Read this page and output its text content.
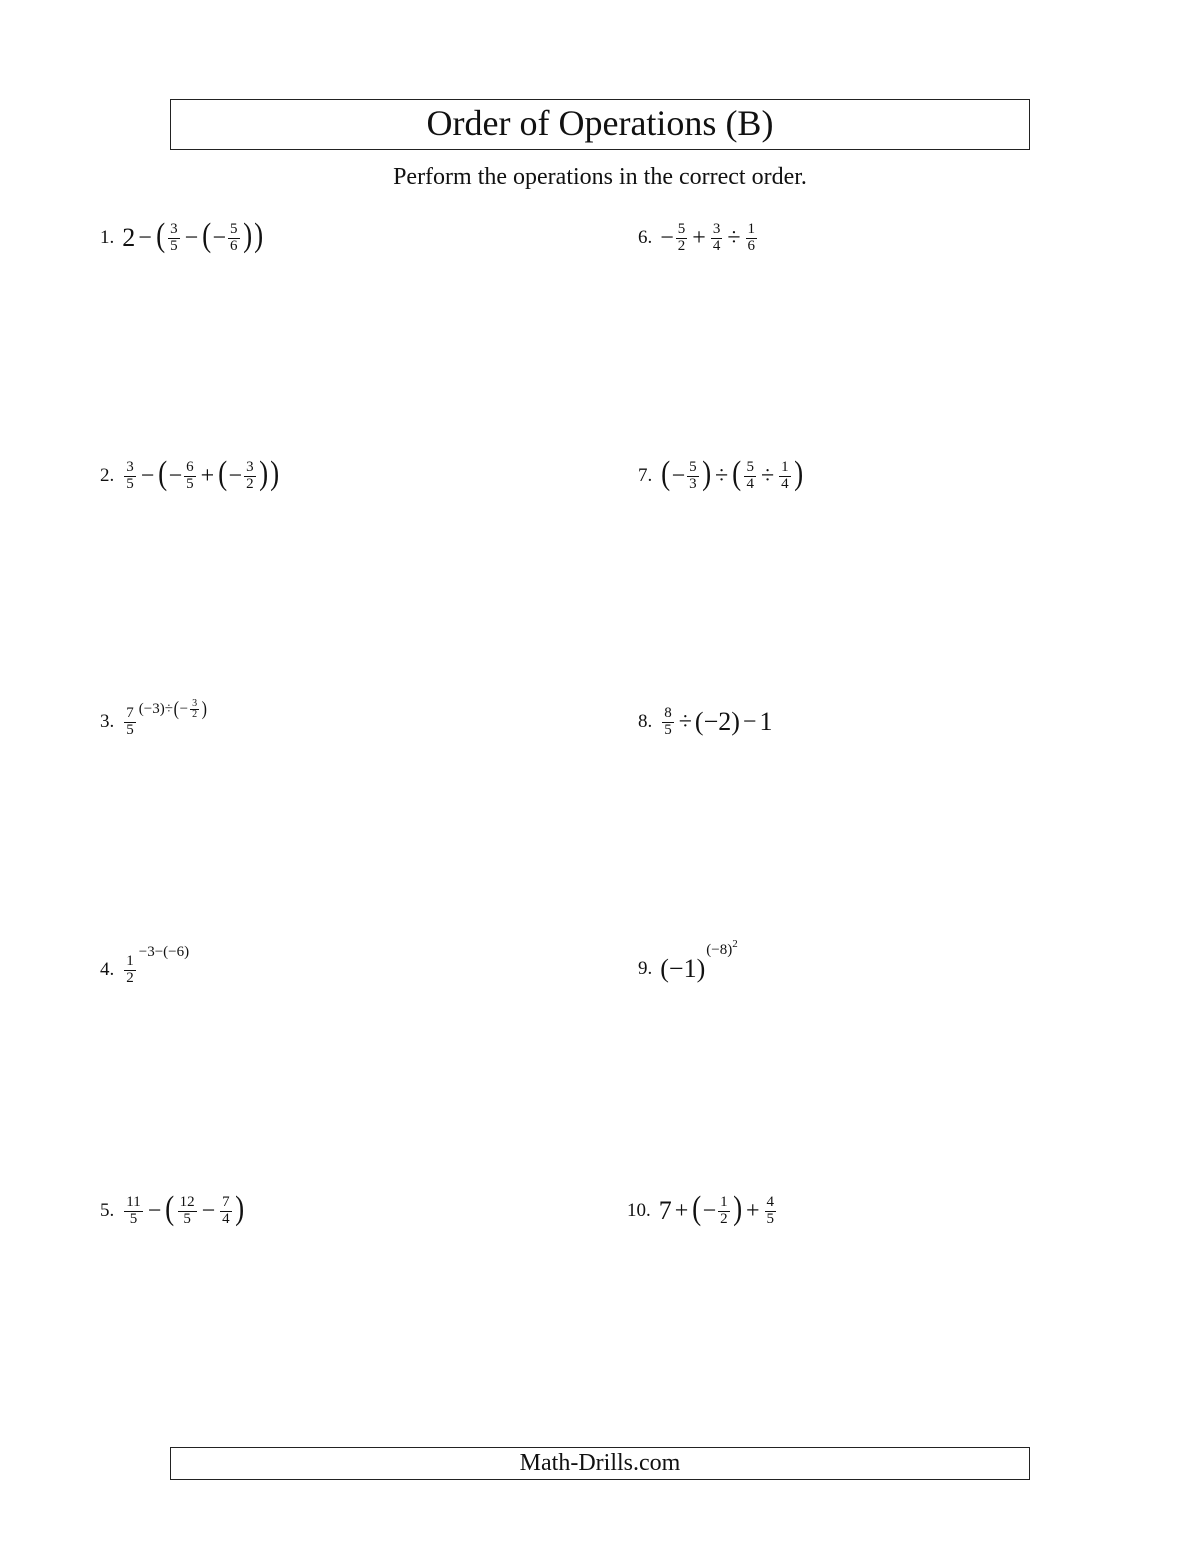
Order of Operations (B)
Perform the operations in the correct order.
1. 2 − ( $\frac{3}{5}$ − ( − $\frac{5}{6}$ ) )
2. $\frac{3}{5}$ − ( − $\frac{6}{5}$ + ( − $\frac{3}{2}$ ) )
3. $\frac{7}{5} (-3)\div$ ( − $\frac{3}{2}$ )
4. $\frac{1}{2}$
−3−(−6)
5. $\frac{11}{5}$ − ( $\frac{12}{5} - \frac{7}{4}$ )
6. − $\frac{5}{2} + \frac{3}{4} \div \frac{1}{6}$
7. ( − $\frac{5}{3}$ ) ÷ ( $\frac{5}{4} \div \frac{1}{4}$ )
8. $\frac{8}{5} \div (-2) - 1$
9. (−1)
(−8) 2
10. 7 + ( − $\frac{1}{2}$ ) + $\frac{4}{5}$
Math-Drills.com
